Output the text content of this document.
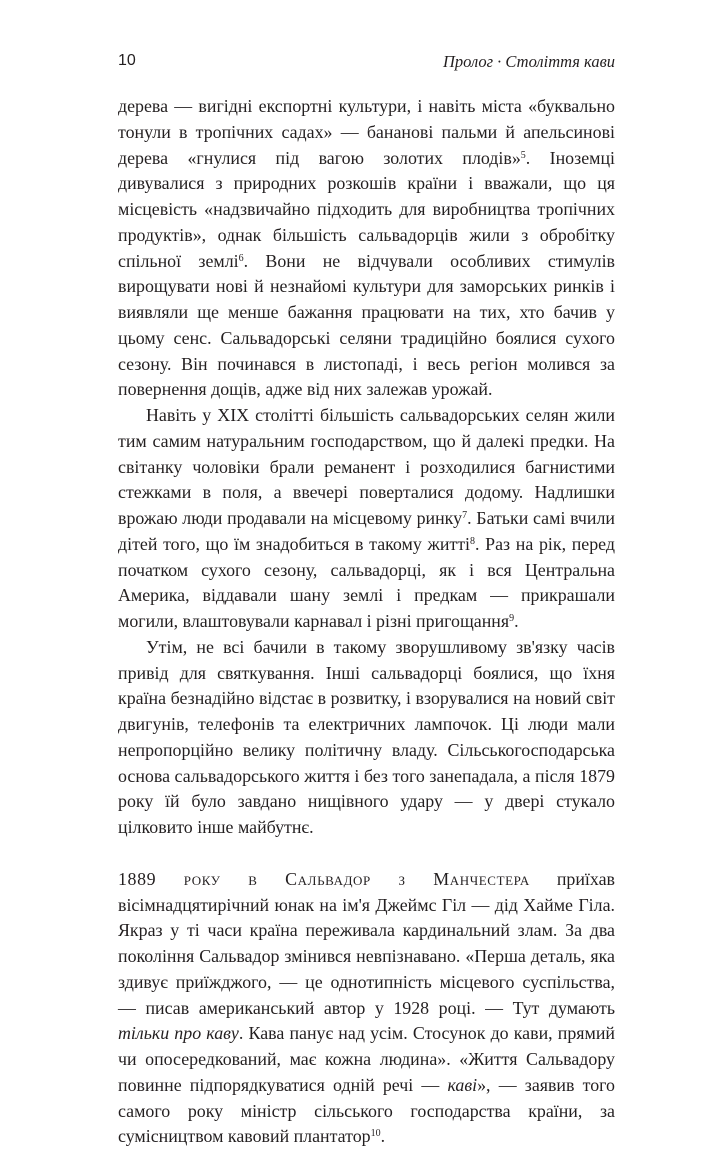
10	Пролог · Століття кави

дерева — вигідні експортні культури, і навіть міста «буквально тонули в тропічних садах» — бананові пальми й апельсинові дерева «гнулися під вагою золотих плодів»$^5$. Іноземці дивувалися з природних розкошів країни і вважали, що ця місцевість «надзвичайно підходить для виробництва тропічних продуктів», однак більшість сальвадорців жили з обробітку спільної землі$^6$. Вони не відчували особливих стимулів вирощувати нові й незнайомі культури для заморських ринків і виявляли ще менше бажання працювати на тих, хто бачив у цьому сенс. Сальвадорські селяни традиційно боялися сухого сезону. Він починався в листопаді, і весь регіон молився за повернення дощів, адже від них залежав урожай.

Навіть у XIX столітті більшість сальвадорських селян жили тим самим натуральним господарством, що й далекі предки. На світанку чоловіки брали реманент і розходилися багнистими стежками в поля, а ввечері поверталися додому. Надлишки врожаю люди продавали на місцевому ринку$^7$. Батьки самі вчили дітей того, що їм знадобиться в такому житті$^8$. Раз на рік, перед початком сухого сезону, сальвадорці, як і вся Центральна Америка, віддавали шану землі і предкам — прикрашали могили, влаштовували карнавал і різні пригощання$^9$.

Утім, не всі бачили в такому зворушливому зв'язку часів привід для святкування. Інші сальвадорці боялися, що їхня країна безнадійно відстає в розвитку, і взорувалися на новий світ двигунів, телефонів та електричних лампочок. Ці люди мали непропорційно велику політичну владу. Сільськогосподарська основа сальвадорського життя і без того занепадала, а після 1879 року їй було завдано нищівного удару — у двері стукало цілковито інше майбутнє.

1889 року в Сальвадор з Манчестера приїхав вісімнадцятирічний юнак на ім'я Джеймс Гіл — дід Хайме Гіла. Якраз у ті часи країна переживала кардинальний злам. За два покоління Сальвадор змінився невпізнавано. «Перша деталь, яка здивує приїжджого, — це однотипність місцевого суспільства, — писав американський автор у 1928 році. — Тут думають тільки про каву. Кава панує над усім. Стосунок до кави, прямий чи опосередкований, має кожна людина». «Життя Сальвадору повинне підпорядкуватися одній речі — каві», — заявив того самого року міністр сільського господарства країни, за сумісництвом кавовий плантатор$^{10}$.
